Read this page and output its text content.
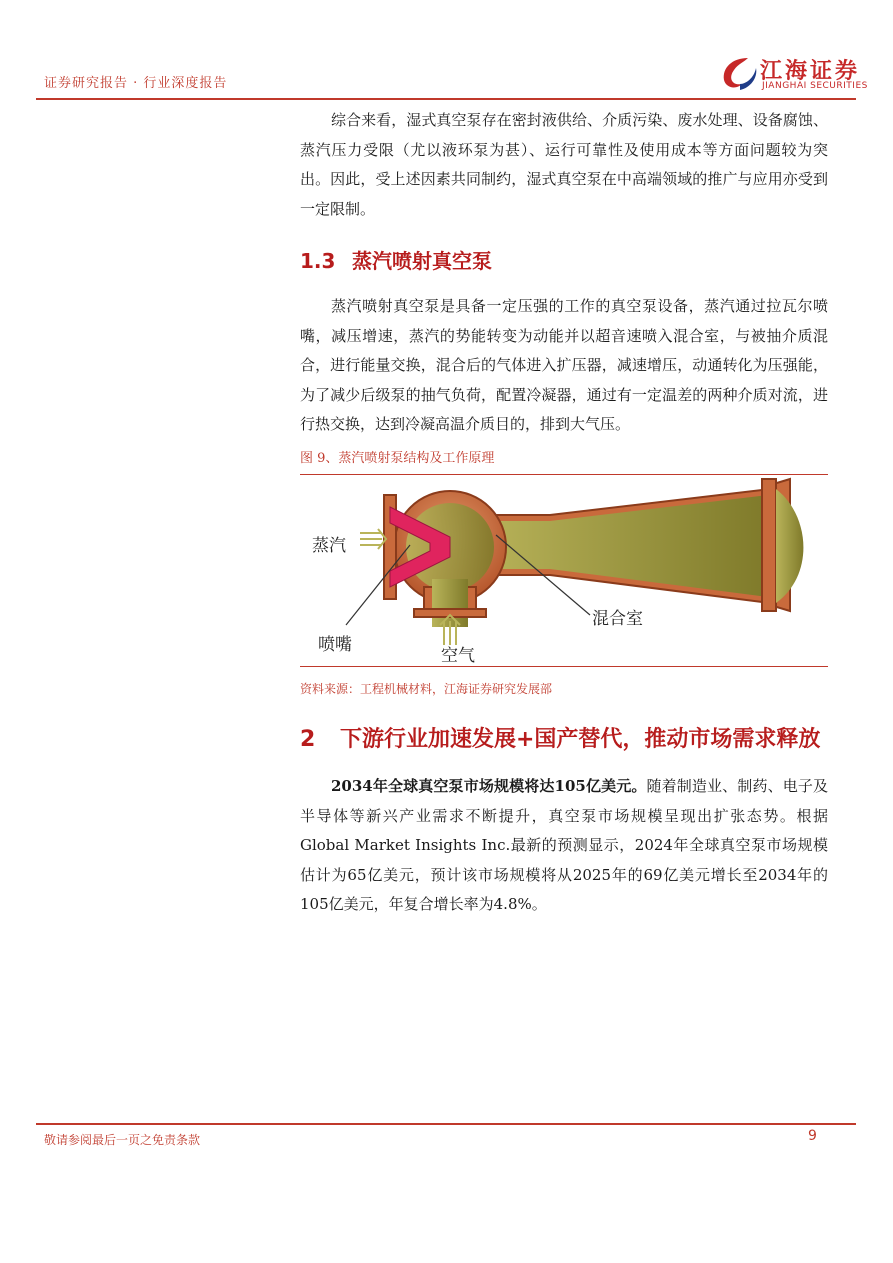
证券研究报告 · 行业深度报告	江海证券
JIANGHAI SECURITIES

综合来看，湿式真空泵存在密封液供给、介质污染、废水处理、设备腐蚀、蒸汽压力受限（尤以液环泵为甚）、运行可靠性及使用成本等方面问题较为突出。因此，受上述因素共同制约，湿式真空泵在中高端领域的推广与应用亦受到一定限制。

1.3 蒸汽喷射真空泵

蒸汽喷射真空泵是具备一定压强的工作的真空泵设备，蒸汽通过拉瓦尔喷嘴，减压增速，蒸汽的势能转变为动能并以超音速喷入混合室，与被抽介质混合，进行能量交换，混合后的气体进入扩压器，减速增压，动通转化为压强能，为了减少后级泵的抽气负荷，配置冷凝器，通过有一定温差的两种介质对流，进行热交换，达到冷凝高温介质目的，排到大气压。

图 9、蒸汽喷射泵结构及工作原理
蒸汽
喷嘴
空气
混合室
资料来源：工程机械材料，江海证券研究发展部
2 下游行业加速发展+国产替代，推动市场需求释放

2034年全球真空泵市场规模将达105亿美元。随着制造业、制药、电子及半导体等新兴产业需求不断提升，真空泵市场规模呈现出扩张态势。根据Global Market Insights Inc.最新的预测显示，2024年全球真空泵市场规模估计为65亿美元，预计该市场规模将从2025年的69亿美元增长至2034年的105亿美元，年复合增长率为4.8%。

敬请参阅最后一页之免责条款	9
